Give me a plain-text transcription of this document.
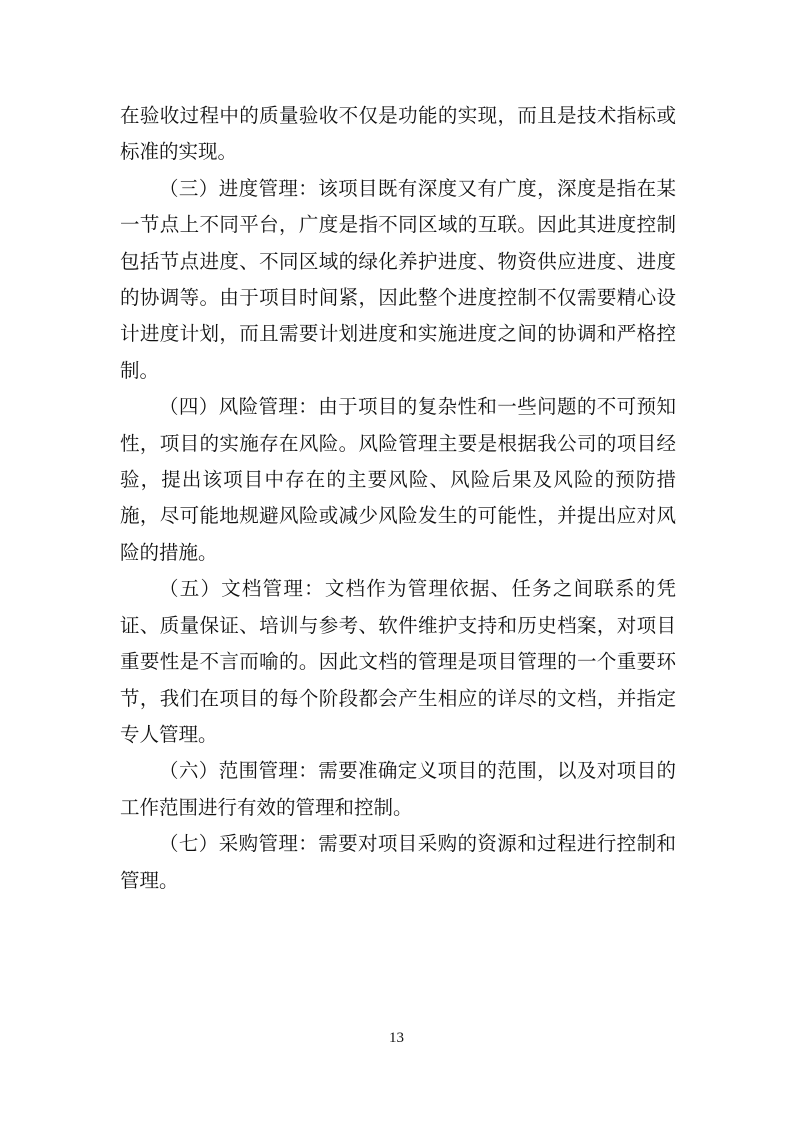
在验收过程中的质量验收不仅是功能的实现，而且是技术指标或标准的实现。

（三）进度管理：该项目既有深度又有广度，深度是指在某一节点上不同平台，广度是指不同区域的互联。因此其进度控制包括节点进度、不同区域的绿化养护进度、物资供应进度、进度的协调等。由于项目时间紧，因此整个进度控制不仅需要精心设计进度计划，而且需要计划进度和实施进度之间的协调和严格控制。

（四）风险管理：由于项目的复杂性和一些问题的不可预知性，项目的实施存在风险。风险管理主要是根据我公司的项目经验，提出该项目中存在的主要风险、风险后果及风险的预防措施，尽可能地规避风险或减少风险发生的可能性，并提出应对风险的措施。

（五）文档管理：文档作为管理依据、任务之间联系的凭证、质量保证、培训与参考、软件维护支持和历史档案，对项目重要性是不言而喻的。因此文档的管理是项目管理的一个重要环节，我们在项目的每个阶段都会产生相应的详尽的文档，并指定专人管理。

（六）范围管理：需要准确定义项目的范围，以及对项目的工作范围进行有效的管理和控制。

（七）采购管理：需要对项目采购的资源和过程进行控制和管理。

13
